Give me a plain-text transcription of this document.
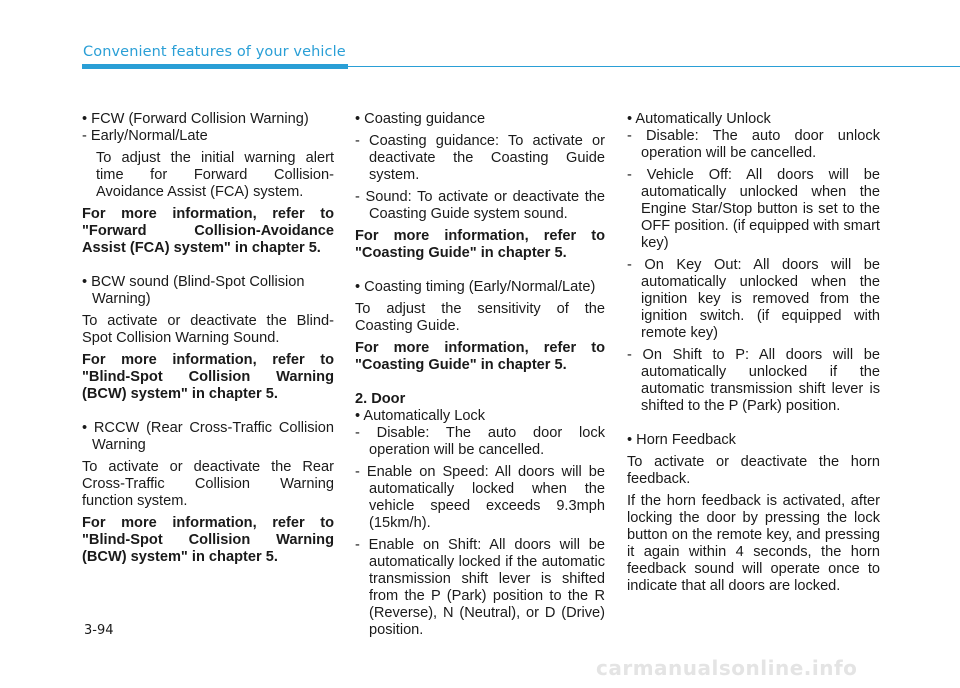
Convenient features of your vehicle

• FCW (Forward Collision Warning)

- Early/Normal/Late

To adjust the initial warning alert time for Forward Collision-Avoidance Assist (FCA) system.

For more information, refer to "Forward Collision-Avoidance Assist (FCA) system" in chapter 5.

• BCW sound (Blind-Spot Collision Warning)

To activate or deactivate the Blind-Spot Collision Warning Sound.

For more information, refer to "Blind-Spot Collision Warning (BCW) system" in chapter 5.

• RCCW (Rear Cross-Traffic Collision Warning

To activate or deactivate the Rear Cross-Traffic Collision Warning function system.

For more information, refer to "Blind-Spot Collision Warning (BCW) system" in chapter 5.

• Coasting guidance

- Coasting guidance: To activate or deactivate the Coasting Guide system.

- Sound: To activate or deactivate the Coasting Guide system sound.

For more information, refer to "Coasting Guide" in chapter 5.

• Coasting timing (Early/Normal/Late)

To adjust the sensitivity of the Coasting Guide.

For more information, refer to "Coasting Guide" in chapter 5.

2. Door

• Automatically Lock

- Disable: The auto door lock operation will be cancelled.

- Enable on Speed: All doors will be automatically locked when the vehicle speed exceeds 9.3mph (15km/h).

- Enable on Shift: All doors will be automatically locked if the automatic transmission shift lever is shifted from the P (Park) position to the R (Reverse), N (Neutral), or D (Drive) position.

• Automatically Unlock

- Disable: The auto door unlock operation will be cancelled.

- Vehicle Off: All doors will be automatically unlocked when the Engine Star/Stop button is set to the OFF position. (if equipped with smart key)

- On Key Out: All doors will be automatically unlocked when the ignition key is removed from the ignition switch. (if equipped with remote key)

- On Shift to P: All doors will be automatically unlocked if the automatic transmission shift lever is shifted to the P (Park) position.

• Horn Feedback

To activate or deactivate the horn feedback.

If the horn feedback is activated, after locking the door by pressing the lock button on the remote key, and pressing it again within 4 seconds, the horn feedback sound will operate once to indicate that all doors are locked.

3-94
carmanualsonline.info
